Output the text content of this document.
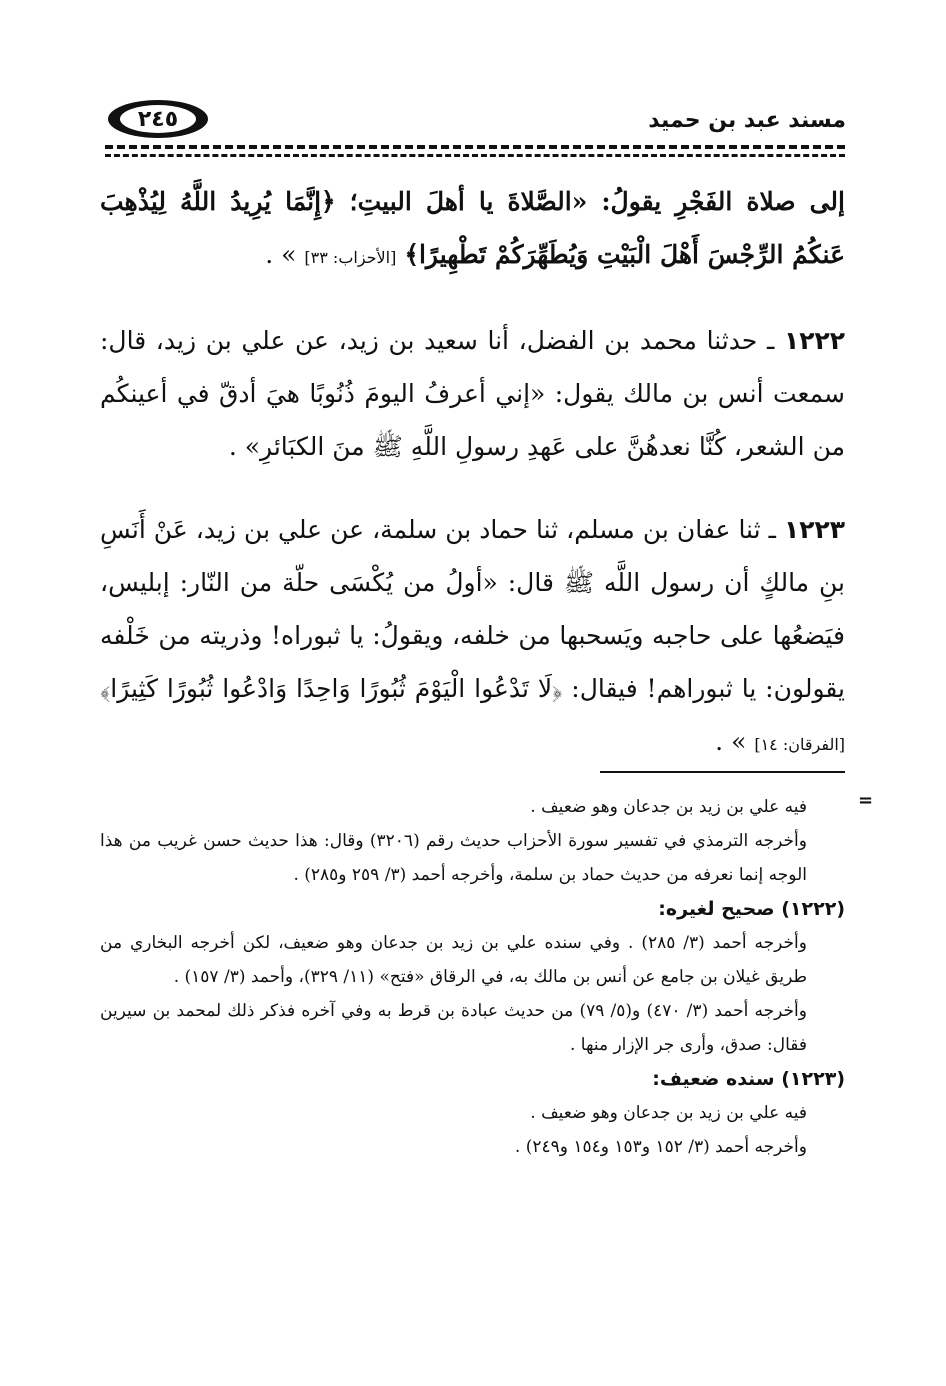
٢٤٥	مسند عبد بن حميد

إلى صلاة الفَجْرِ يقولُ: «الصَّلاةَ يا أهلَ البيتِ؛ ﴿إِنَّمَا يُرِيدُ اللَّهُ لِيُذْهِبَ عَنكُمُ الرِّجْسَ أَهْلَ الْبَيْتِ وَيُطَهِّرَكُمْ تَطْهِيرًا﴾ [الأحزاب: ٣٣] » .

١٢٢٢ ـ حدثنا محمد بن الفضل، أنا سعيد بن زيد، عن علي بن زيد، قال: سمعت أنس بن مالك يقول: «إني أعرفُ اليومَ ذُنُوبًا هيَ أدقّ في أعينكُم من الشعر، كُنَّا نعدهُنَّ على عَهدِ رسولِ اللَّهِ ﷺ منَ الكبَائرِ» .

١٢٢٣ ـ ثنا عفان بن مسلم، ثنا حماد بن سلمة، عن علي بن زيد، عَنْ أَنَسِ بنِ مالكٍ أن رسول اللَّه ﷺ قال: «أولُ من يُكْسَى حلّة من النّار: إبليس، فيَضعُها على حاجبه ويَسحبها من خلفه، ويقولُ: يا ثبوراه! وذريته من خَلْفه يقولون: يا ثبوراهم! فيقال: ﴿لَا تَدْعُوا الْيَوْمَ ثُبُورًا وَاحِدًا وَادْعُوا ثُبُورًا كَثِيرًا﴾ [الفرقان: ١٤] » .

=

فيه علي بن زيد بن جدعان وهو ضعيف .

وأخرجه الترمذي في تفسير سورة الأحزاب حديث رقم (٣٢٠٦) وقال: هذا حديث حسن غريب من هذا الوجه إنما نعرفه من حديث حماد بن سلمة، وأخرجه أحمد (٣/ ٢٥٩ و٢٨٥) .

(١٢٢٢) صحيح لغيره:

وأخرجه أحمد (٣/ ٢٨٥) . وفي سنده علي بن زيد بن جدعان وهو ضعيف، لكن أخرجه البخاري من طريق غيلان بن جامع عن أنس بن مالك به، في الرقاق «فتح» (١١/ ٣٢٩)، وأحمد (٣/ ١٥٧) .

وأخرجه أحمد (٣/ ٤٧٠) و(٥/ ٧٩) من حديث عبادة بن قرط به وفي آخره فذكر ذلك لمحمد بن سيرين فقال: صدق، وأرى جر الإزار منها .

(١٢٢٣) سنده ضعيف:

فيه علي بن زيد بن جدعان وهو ضعيف .

وأخرجه أحمد (٣/ ١٥٢ و١٥٣ و١٥٤ و٢٤٩) .
